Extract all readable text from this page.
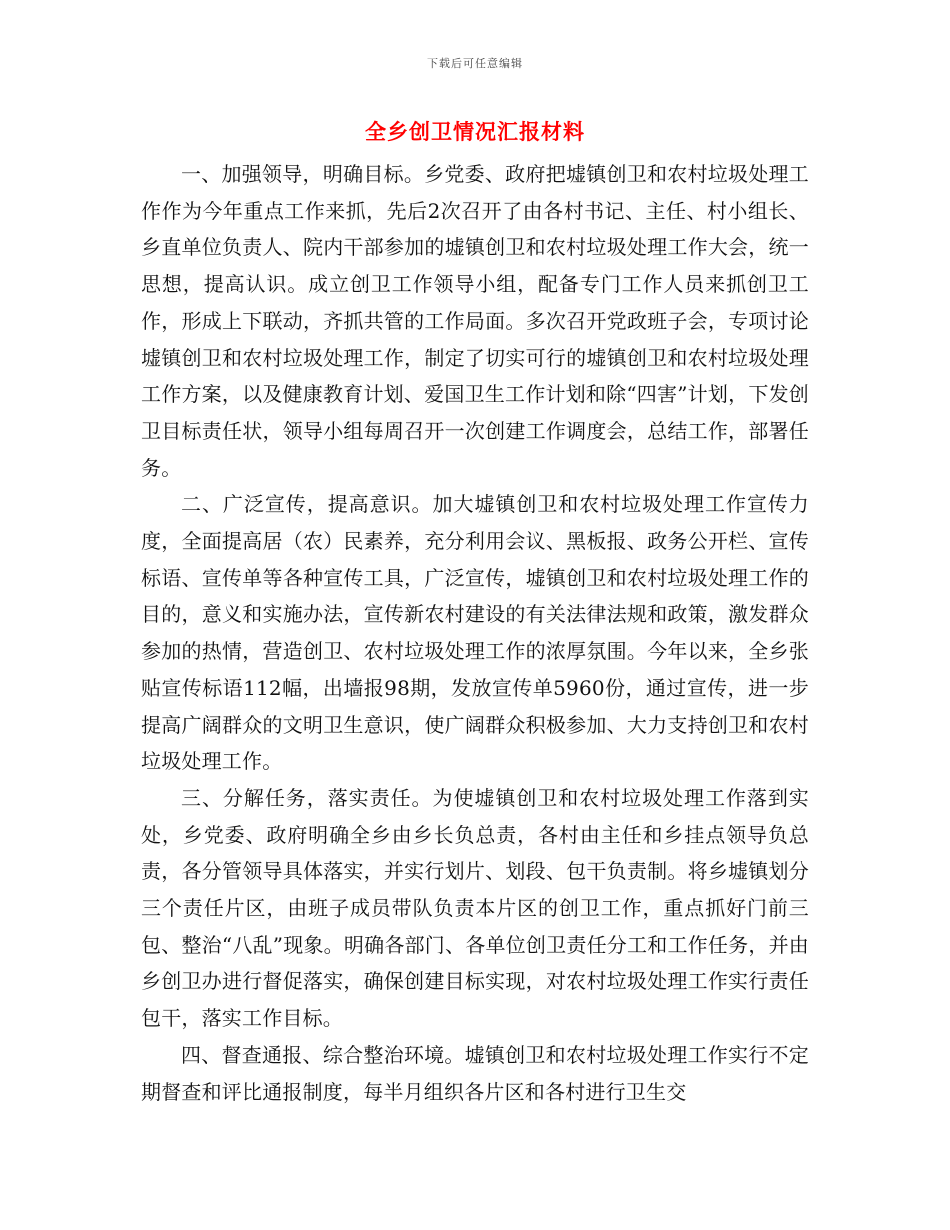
下载后可任意编辑
全乡创卫情况汇报材料

一、加强领导，明确目标。乡党委、政府把墟镇创卫和农村垃圾处理工作作为今年重点工作来抓，先后2次召开了由各村书记、主任、村小组长、乡直单位负责人、院内干部参加的墟镇创卫和农村垃圾处理工作大会，统一思想，提高认识。成立创卫工作领导小组，配备专门工作人员来抓创卫工作，形成上下联动，齐抓共管的工作局面。多次召开党政班子会，专项讨论墟镇创卫和农村垃圾处理工作，制定了切实可行的墟镇创卫和农村垃圾处理工作方案，以及健康教育计划、爱国卫生工作计划和除“四害”计划，下发创卫目标责任状，领导小组每周召开一次创建工作调度会，总结工作，部署任务。

二、广泛宣传，提高意识。加大墟镇创卫和农村垃圾处理工作宣传力度，全面提高居（农）民素养，充分利用会议、黑板报、政务公开栏、宣传标语、宣传单等各种宣传工具，广泛宣传，墟镇创卫和农村垃圾处理工作的目的，意义和实施办法，宣传新农村建设的有关法律法规和政策，激发群众参加的热情，营造创卫、农村垃圾处理工作的浓厚氛围。今年以来，全乡张贴宣传标语112幅，出墙报98期，发放宣传单5960份，通过宣传，进一步提高广阔群众的文明卫生意识，使广阔群众积极参加、大力支持创卫和农村垃圾处理工作。

三、分解任务，落实责任。为使墟镇创卫和农村垃圾处理工作落到实处，乡党委、政府明确全乡由乡长负总责，各村由主任和乡挂点领导负总责，各分管领导具体落实，并实行划片、划段、包干负责制。将乡墟镇划分三个责任片区，由班子成员带队负责本片区的创卫工作，重点抓好门前三包、整治“八乱”现象。明确各部门、各单位创卫责任分工和工作任务，并由乡创卫办进行督促落实，确保创建目标实现，对农村垃圾处理工作实行责任包干，落实工作目标。

四、督查通报、综合整治环境。墟镇创卫和农村垃圾处理工作实行不定期督查和评比通报制度，每半月组织各片区和各村进行卫生交
